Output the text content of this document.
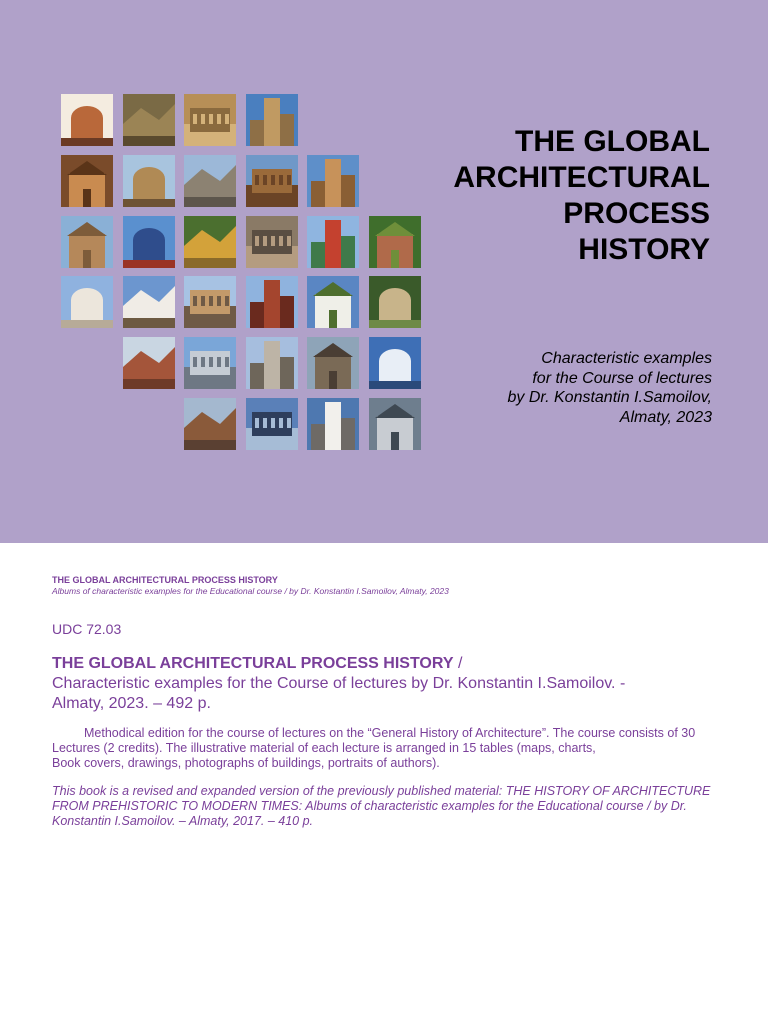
THE GLOBAL
ARCHITECTURAL
PROCESS
HISTORY
Characteristic examples
for the Course of lectures
by Dr. Konstantin I.Samoilov,
Almaty, 2023
THE GLOBAL ARCHITECTURAL PROCESS HISTORY
Albums of characteristic examples for the Educational course / by Dr. Konstantin I.Samoilov, Almaty, 2023
UDC 72.03
THE GLOBAL ARCHITECTURAL PROCESS HISTORY /
Characteristic examples for the Course of lectures by Dr. Konstantin I.Samoilov. -
Almaty, 2023. – 492 p.
Methodical edition for the course of lectures on the “General History of Architecture”. The course consists of 30
Lectures (2 credits). The illustrative material of each lecture is arranged in 15 tables (maps, charts,
Book covers, drawings, photographs of buildings, portraits of authors).
This book is a revised and expanded version of the previously published material: THE HISTORY OF ARCHITECTURE
FROM PREHISTORIC TO MODERN TIMES: Albums of characteristic examples for the Educational course / by Dr.
Konstantin I.Samoilov. – Almaty, 2017. – 410 p.
